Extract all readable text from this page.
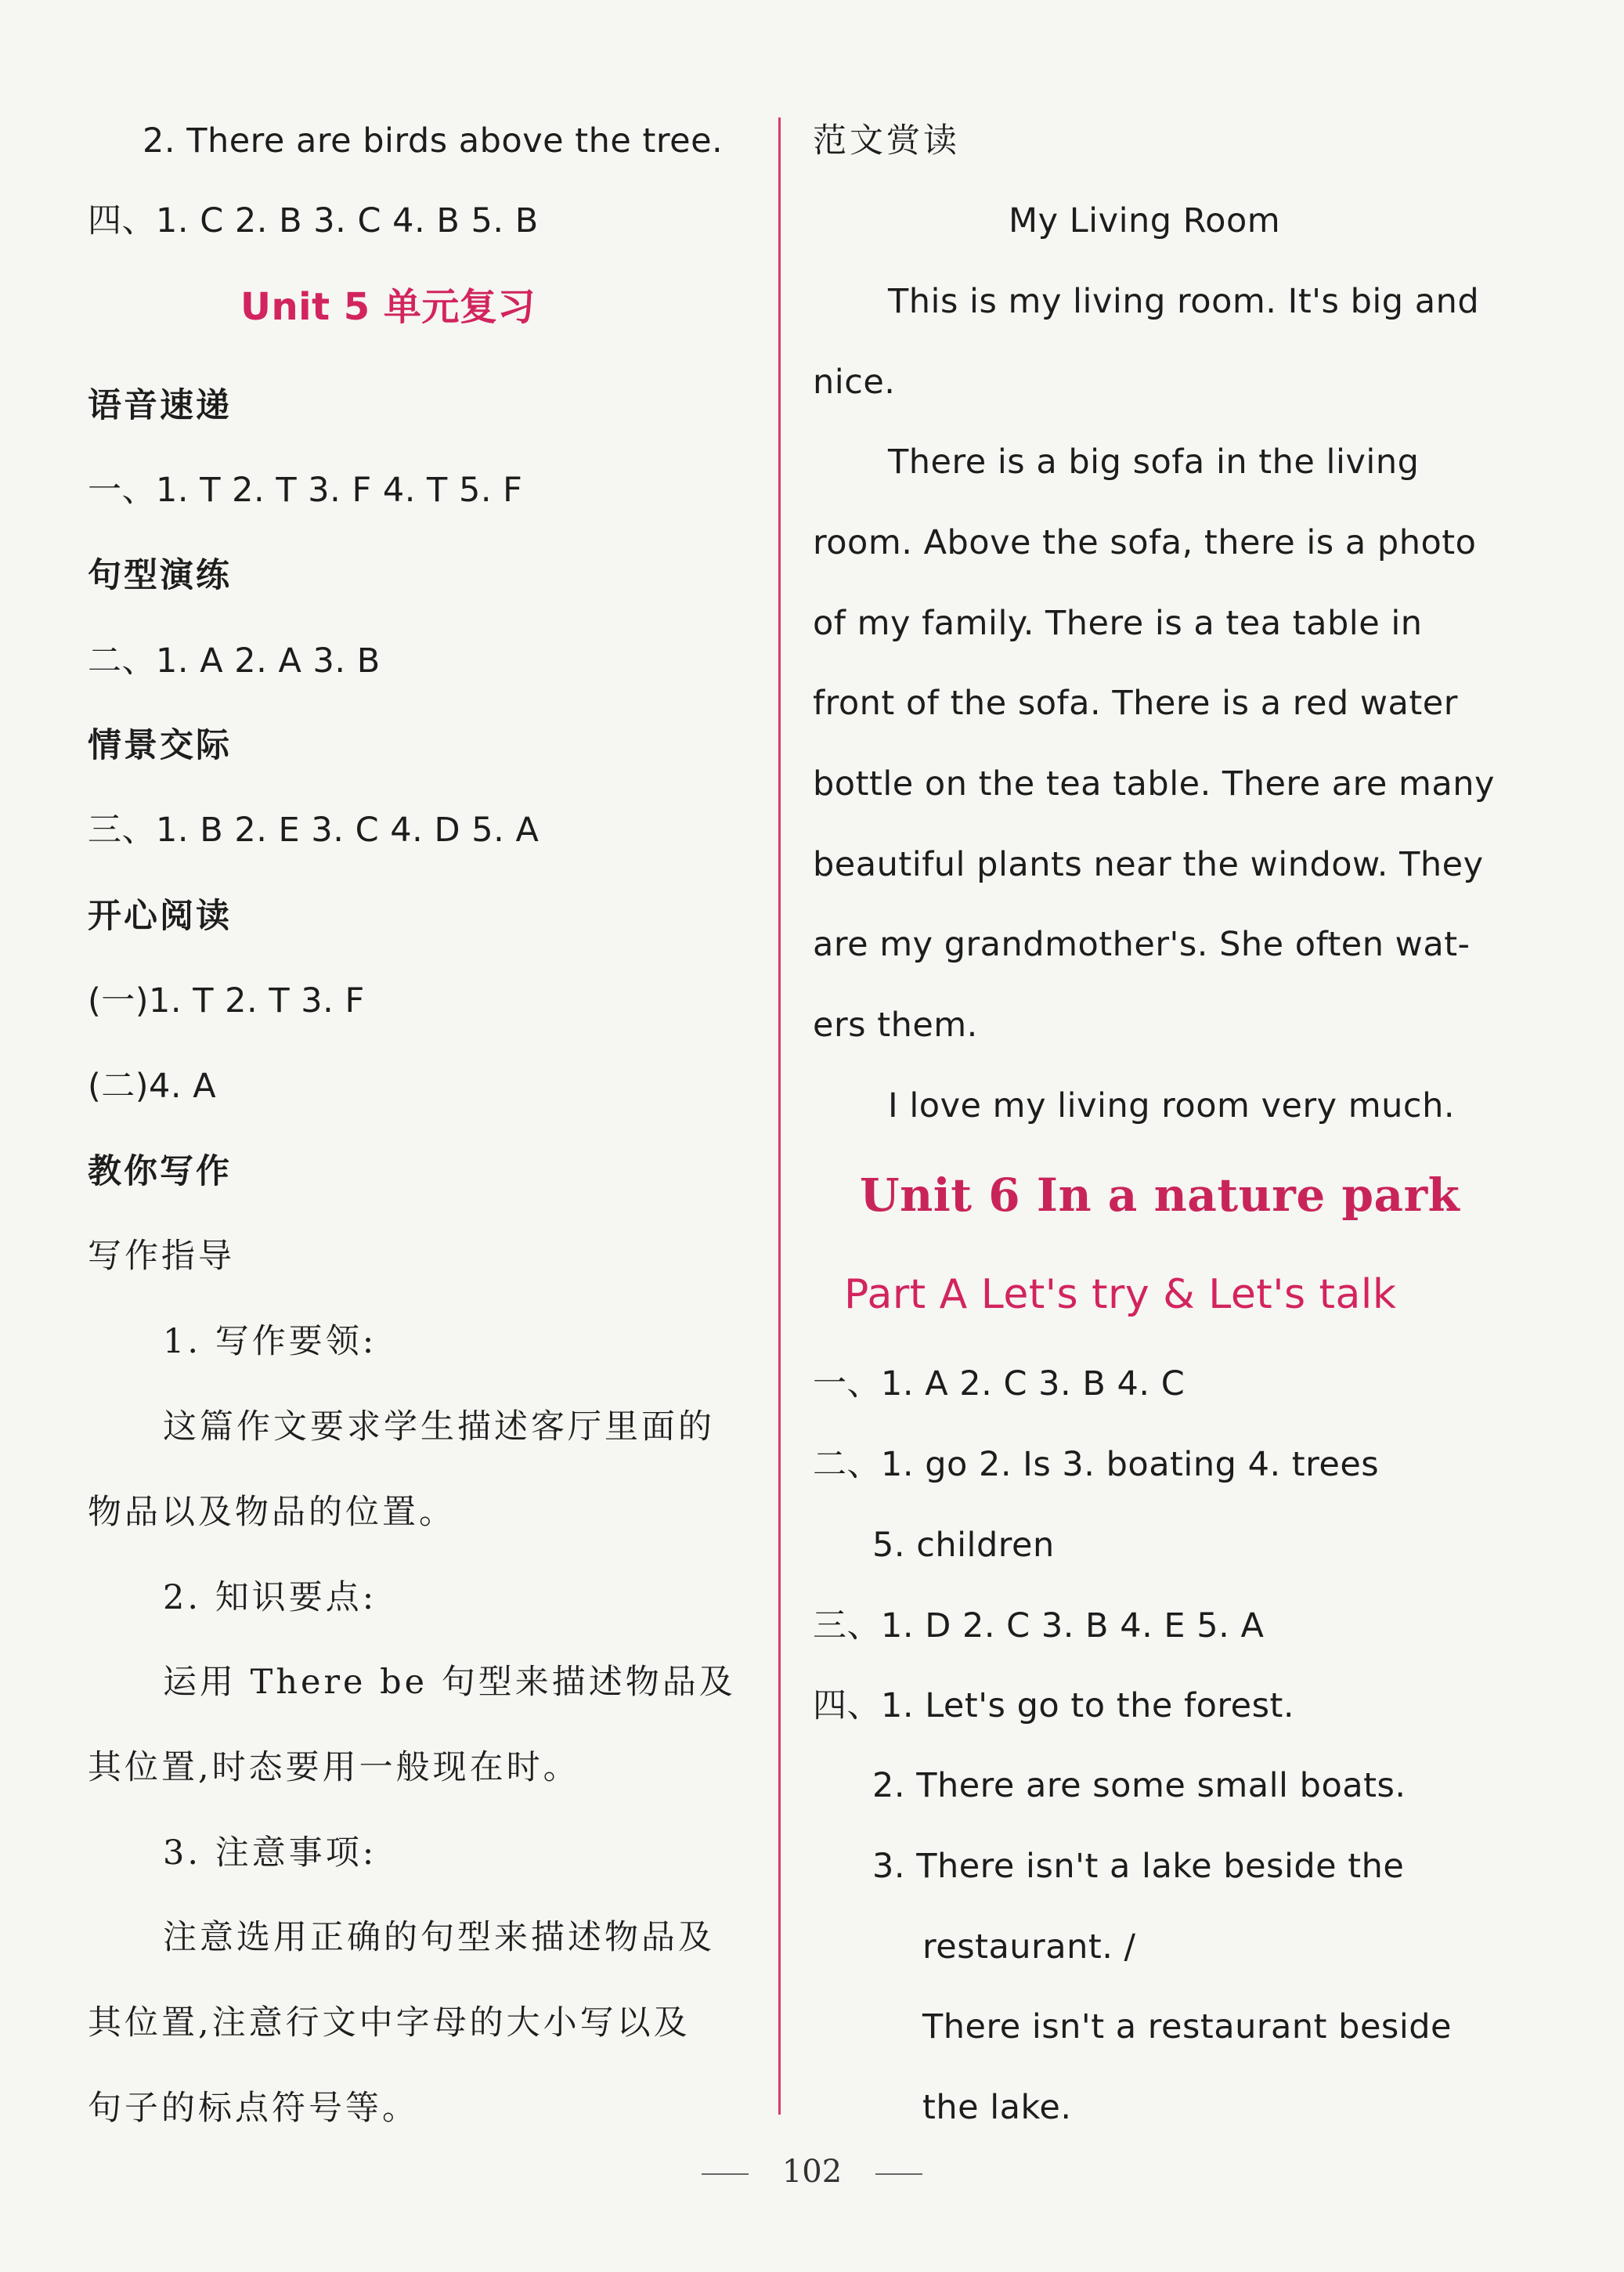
2. There are birds above the tree.
四、1. C 2. B 3. C 4. B 5. B
Unit 5 单元复习
语音速递
一、1. T 2. T 3. F 4. T 5. F
句型演练
二、1. A 2. A 3. B
情景交际
三、1. B 2. E 3. C 4. D 5. A
开心阅读
(一)1. T 2. T 3. F
(二)4. A
教你写作
写作指导
1. 写作要领:
这篇作文要求学生描述客厅里面的
物品以及物品的位置。
2. 知识要点:
运用 There be 句型来描述物品及
其位置,时态要用一般现在时。
3. 注意事项:
注意选用正确的句型来描述物品及
其位置,注意行文中字母的大小写以及
句子的标点符号等。
范文赏读
My Living Room
This is my living room. It's big and
nice.
There is a big sofa in the living
room. Above the sofa, there is a photo
of my family. There is a tea table in
front of the sofa. There is a red water
bottle on the tea table. There are many
beautiful plants near the window. They
are my grandmother's. She often wat-
ers them.
I love my living room very much.
Unit 6 In a nature park
Part A Let's try & Let's talk
一、1. A 2. C 3. B 4. C
二、1. go 2. Is 3. boating 4. trees
5. children
三、1. D 2. C 3. B 4. E 5. A
四、1. Let's go to the forest.
2. There are some small boats.
3. There isn't a lake beside the
restaurant. /
There isn't a restaurant beside
the lake.
102
